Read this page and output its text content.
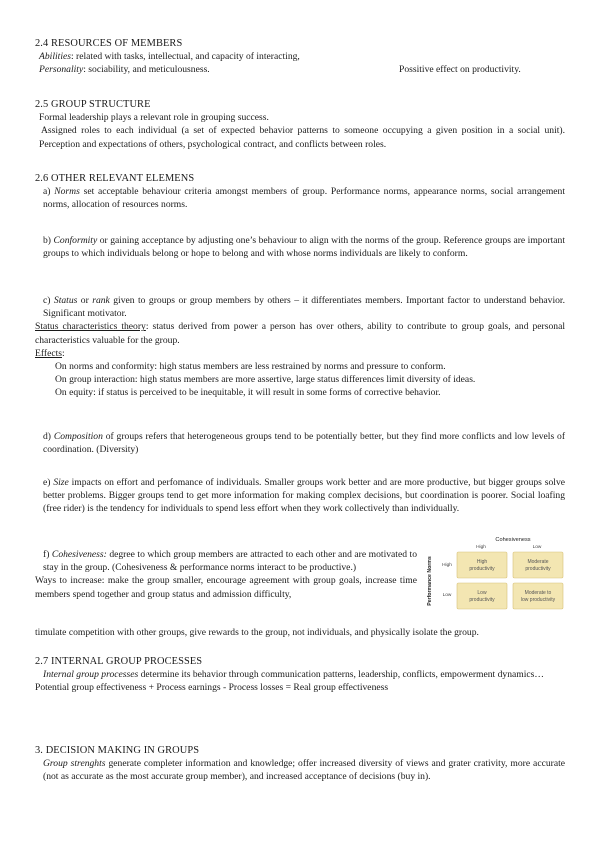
2.4 RESOURCES OF MEMBERS

Abilities: related with tasks, intellectual, and capacity of interacting,

Personality: sociability, and meticulousness.	Possitive effect on productivity.

2.5 GROUP STRUCTURE

Formal leadership plays a relevant role in grouping success.

Assigned roles to each individual (a set of expected behavior patterns to someone occupying a given position in a social unit). Perception and expectations of others, psychological contract, and conflicts between roles.

2.6 OTHER RELEVANT ELEMENS

a) Norms set acceptable behaviour criteria amongst members of group. Performance norms, appearance norms, social arrangement norms, allocation of resources norms.

b) Conformity or gaining acceptance by adjusting one’s behaviour to align with the norms of the group. Reference groups are important groups to which individuals belong or hope to belong and with whose norms individuals are likely to conform.

c) Status or rank given to groups or group members by others – it differentiates members. Important factor to understand behavior. Significant motivator.

Status characteristics theory: status derived from power a person has over others, ability to contribute to group goals, and personal characteristics valuable for the group.

Effects:

On norms and conformity: high status members are less restrained by norms and pressure to conform.

On group interaction: high status members are more assertive, large status differences limit diversity of ideas.

On equity: if status is perceived to be inequitable, it will result in some forms of corrective behavior.

d) Composition of groups refers that heterogeneous groups tend to be potentially better, but they find more conflicts and low levels of coordination. (Diversity)

e) Size impacts on effort and perfomance of individuals. Smaller groups work better and are more productive, but bigger groups solve better problems. Bigger groups tend to get more information for making complex decisions, but coordination is poorer. Social loafing (free rider) is the tendency for individuals to spend less effort when they work collectively than individually.

f) Cohesiveness: degree to which group members are attracted to each other and are motivated to stay in the group. (Cohesiveness & performance norms interact to be productive.)

Ways to increase: make the group smaller, encourage agreement with group goals, increase time members spend together and group status and admission difficulty,

timulate competition with other groups, give rewards to the group, not individuals, and physically isolate the group.

Cohesiveness
High	Low
Performance Norms High
Low
High
productivity
Moderate
productivity
Low
productivity
Moderate to
low productivity

2.7 INTERNAL GROUP PROCESSES

Internal group processes determine its behavior through communication patterns, leadership, conflicts, empowerment dynamics…

Potential group effectiveness + Process earnings - Process losses = Real group effectiveness

3. DECISION MAKING IN GROUPS

Group strenghts generate completer information and knowledge; offer increased diversity of views and grater crativity, more accurate (not as accurate as the most accurate group member), and increased acceptance of decisions (buy in).
